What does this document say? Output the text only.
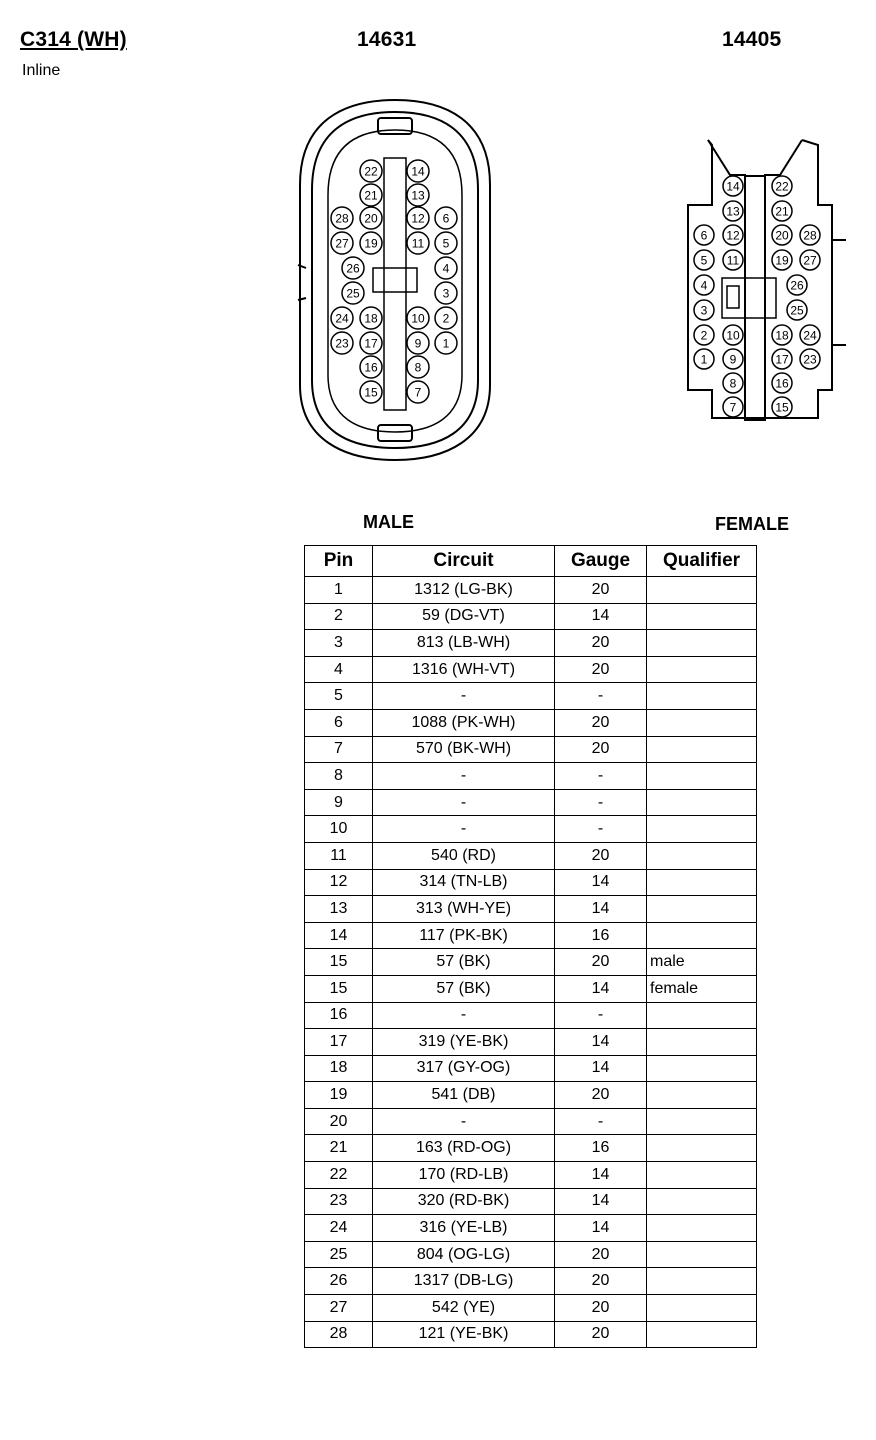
C314 (WH)
Inline
14631	14405
22	14
21	13
28 20	12 6
27 19	11 5
26	4
25	3
24 18	10 2
23 17	9 1
16	8
15	7
14	22
13	21
6 12	20 28
5 11	19 27
4	26
3	25
2 10	18 24
1 9	17 23
8	16
7	15
MALE	FEMALE
Pin	Circuit	Gauge	Qualifier
1	1312 (LG-BK)	20	
2	59 (DG-VT)	14	
3	813 (LB-WH)	20	
4	1316 (WH-VT)	20	
5	-	-	
6	1088 (PK-WH)	20	
7	570 (BK-WH)	20	
8	-	-	
9	-	-	
10	-	-	
11	540 (RD)	20	
12	314 (TN-LB)	14	
13	313 (WH-YE)	14	
14	117 (PK-BK)	16	
15	57 (BK)	20	male
15	57 (BK)	14	female
16	-	-	
17	319 (YE-BK)	14	
18	317 (GY-OG)	14	
19	541 (DB)	20	
20	-	-	
21	163 (RD-OG)	16	
22	170 (RD-LB)	14	
23	320 (RD-BK)	14	
24	316 (YE-LB)	14	
25	804 (OG-LG)	20	
26	1317 (DB-LG)	20	
27	542 (YE)	20	
28	121 (YE-BK)	20	
